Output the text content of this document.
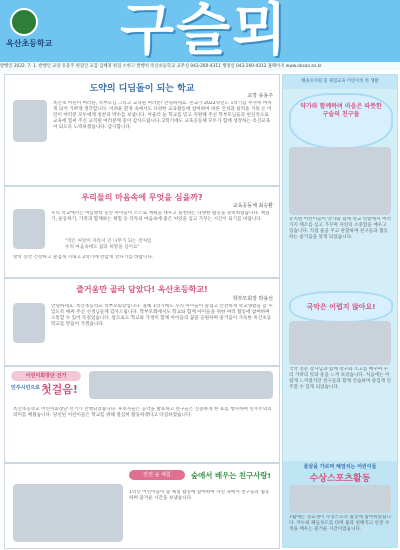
옥산초등학교 구슬뫼
발행일 2022. 7. 1. 발행인 교장 유용주 편집인 교감 김혜경 편집 소한고 발행처 옥산초등학교 교무실 043-260-4311 행정실 043-260-4312 홈페이지 www.oksan.es.kr
도약의 디딤돌이 되는 학교
교장 유용주
옥산초 어린이 여러분, 학부모님 그리고 교직원 여러분! 안녕하세요. 본교가 2022학년도 1학기를 무사히 마치게 되어 기쁘게 생각합니다. 어려운 환경 속에서도 다양한 교육활동에 참여하여 바른 인성과 실력을 키워 온 어린이 여러분 모두에게 칭찬과 박수를 보냅니다. 아울러 늘 학교를 믿고 지원해 주신 학부모님들과 헌신적으로 교육에 힘써 주신 교직원 여러분께 깊이 감사드립니다. 2학기에도 교육공동체 모두가 함께 성장하는 옥산교육이 되도록 노력하겠습니다. 감사합니다.
우리들의 마음속에 무엇을 심을까?
교육공동체 최승환
우리 학교에서는 여름방학 동안 아이들이 스스로 계획을 세우고 실천하는 다양한 활동을 준비하였습니다. 책읽기, 운동하기, 가족과 함께하는 체험 등 각자의 마음속에 좋은 씨앗을 심고 가꾸는 시간이 되기를 바랍니다.
"작은 씨앗이 자라서 큰 나무가 되는 것처럼
우리 마음속에도 꿈과 희망을 심어요"
방학 동안 건강하고 즐겁게 지내고 2학기에 반갑게 만나기를 바랍니다.
즐거움만 골라 담았다! 옥산초등학교!
학부모회장 박용선
안녕하세요. 옥산초등학교 학부모회장입니다. 올해 1학기에도 우리 아이들이 즐겁고 안전하게 학교생활을 할 수 있도록 애써 주신 선생님들께 감사드립니다. 학부모회에서도 학교와 함께 아이들을 위한 여러 활동에 참여하며 소통할 수 있어 뜻깊었습니다. 앞으로도 학교와 가정이 함께 아이들의 꿈을 응원하며 즐거움이 가득한 옥산초등학교를 만들어 가겠습니다.
어린이회장단 선거
민주시민으로 첫걸음!
옥산초등학교 어린이회장단 선거가 진행되었습니다. 후보자들은 공약을 발표하고 친구들은 신중하게 한 표를 행사하며 민주주의의 의미를 배웠습니다. 당선된 어린이들은 학교를 위해 열심히 활동하겠다고 다짐하였습니다.
안전 숲 체험	숲에서 배우는 친구사랑!
1학년 어린이들이 숲 체험 활동에 참여하여 자연 속에서 친구들과 협동하며 즐거운 시간을 보냈습니다.
해솔유치원 및 체험교육 어린이의 한 생활
약가와 함께하며 마음은 따뜻한 구슬의 친구들
유치원 어린이들이 약가와 함께 학교 텃밭에서 여러 가지 채소를 심고 가꾸며 자연의 소중함을 배우고 있습니다. 직접 물을 주고 관찰하며 친구들과 협동하는 즐거움을 알게 되었습니다.
국악은 어렵지 않아요!
국악 전문 강사님과 함께 장구와 소고를 배우며 우리 가락의 멋과 흥을 느껴 보았습니다. 처음에는 어렵게 느껴졌지만 친구들과 함께 연습하며 즐겁게 연주할 수 있게 되었습니다.
물살을 가르며 헤엄치는 어린이들
수상스포츠활동
7월에는 전교생이 수상스포츠 활동에 참여하였습니다. 카누와 패들보드를 타며 물과 친해지고 안전 수칙을 배우는 즐거운 시간이었습니다.
